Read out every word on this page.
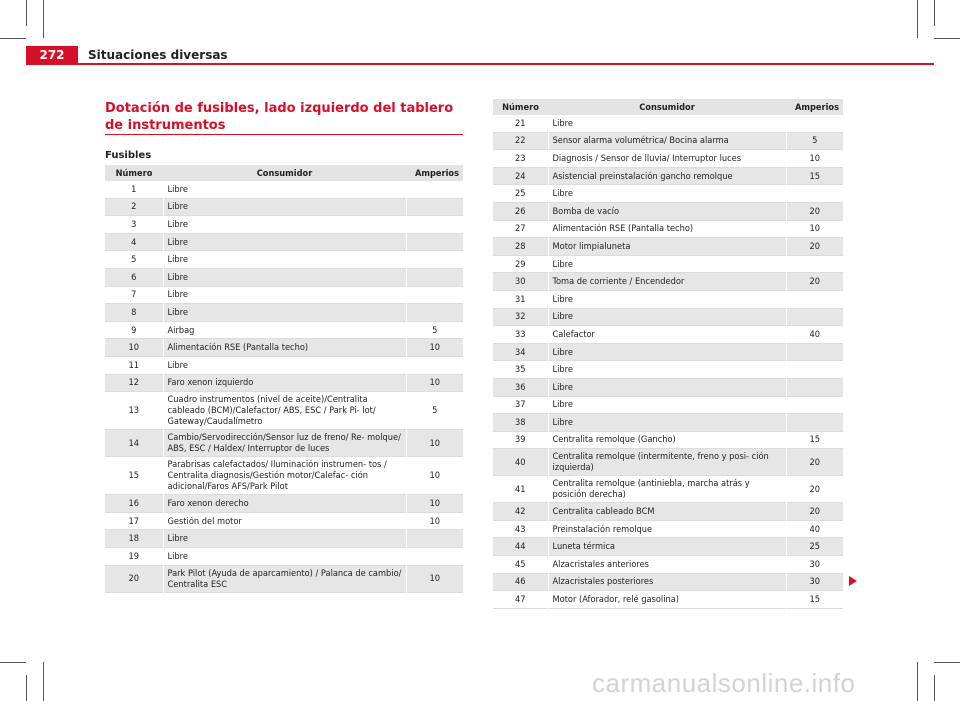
272	Situaciones diversas
Dotación de fusibles, lado izquierdo del tablero de instrumentos
Fusibles
Número	Consumidor	Amperios
1	Libre	
2	Libre	
3	Libre	
4	Libre	
5	Libre	
6	Libre	
7	Libre	
8	Libre	
9	Airbag	5
10	Alimentación RSE (Pantalla techo)	10
11	Libre	
12	Faro xenon izquierdo	10
13	Cuadro instrumentos (nivel de aceite)/Centralita cableado (BCM)/Calefactor/ ABS, ESC / Park Pi- lot/ Gateway/Caudalímetro	5
14	Cambio/Servodirección/Sensor luz de freno/ Re- molque/ ABS, ESC / Haldex/ Interruptor de luces	10
15	Parabrisas calefactados/ Iluminación instrumen- tos / Centralita diagnosis/Gestión motor/Calefac- ción adicional/Faros AFS/Park Pilot	10
16	Faro xenon derecho	10
17	Gestión del motor	10
18	Libre	
19	Libre	
20	Park Pilot (Ayuda de aparcamiento) / Palanca de cambio/ Centralita ESC	10
Número	Consumidor	Amperios
21	Libre	
22	Sensor alarma volumétrica/ Bocina alarma	5
23	Diagnosis / Sensor de lluvia/ Interruptor luces	10
24	Asistencial preinstalación gancho remolque	15
25	Libre	
26	Bomba de vacío	20
27	Alimentación RSE (Pantalla techo)	10
28	Motor limpialuneta	20
29	Libre	
30	Toma de corriente / Encendedor	20
31	Libre	
32	Libre	
33	Calefactor	40
34	Libre	
35	Libre	
36	Libre	
37	Libre	
38	Libre	
39	Centralita remolque (Gancho)	15
40	Centralita remolque (intermitente, freno y posi- ción izquierda)	20
41	Centralita remolque (antiniebla, marcha atrás y posición derecha)	20
42	Centralita cableado BCM	20
43	Preinstalación remolque	40
44	Luneta térmica	25
45	Alzacristales anteriores	30
46	Alzacristales posteriores	30
47	Motor (Aforador, relé gasolina)	15
carmanualsonline.info
